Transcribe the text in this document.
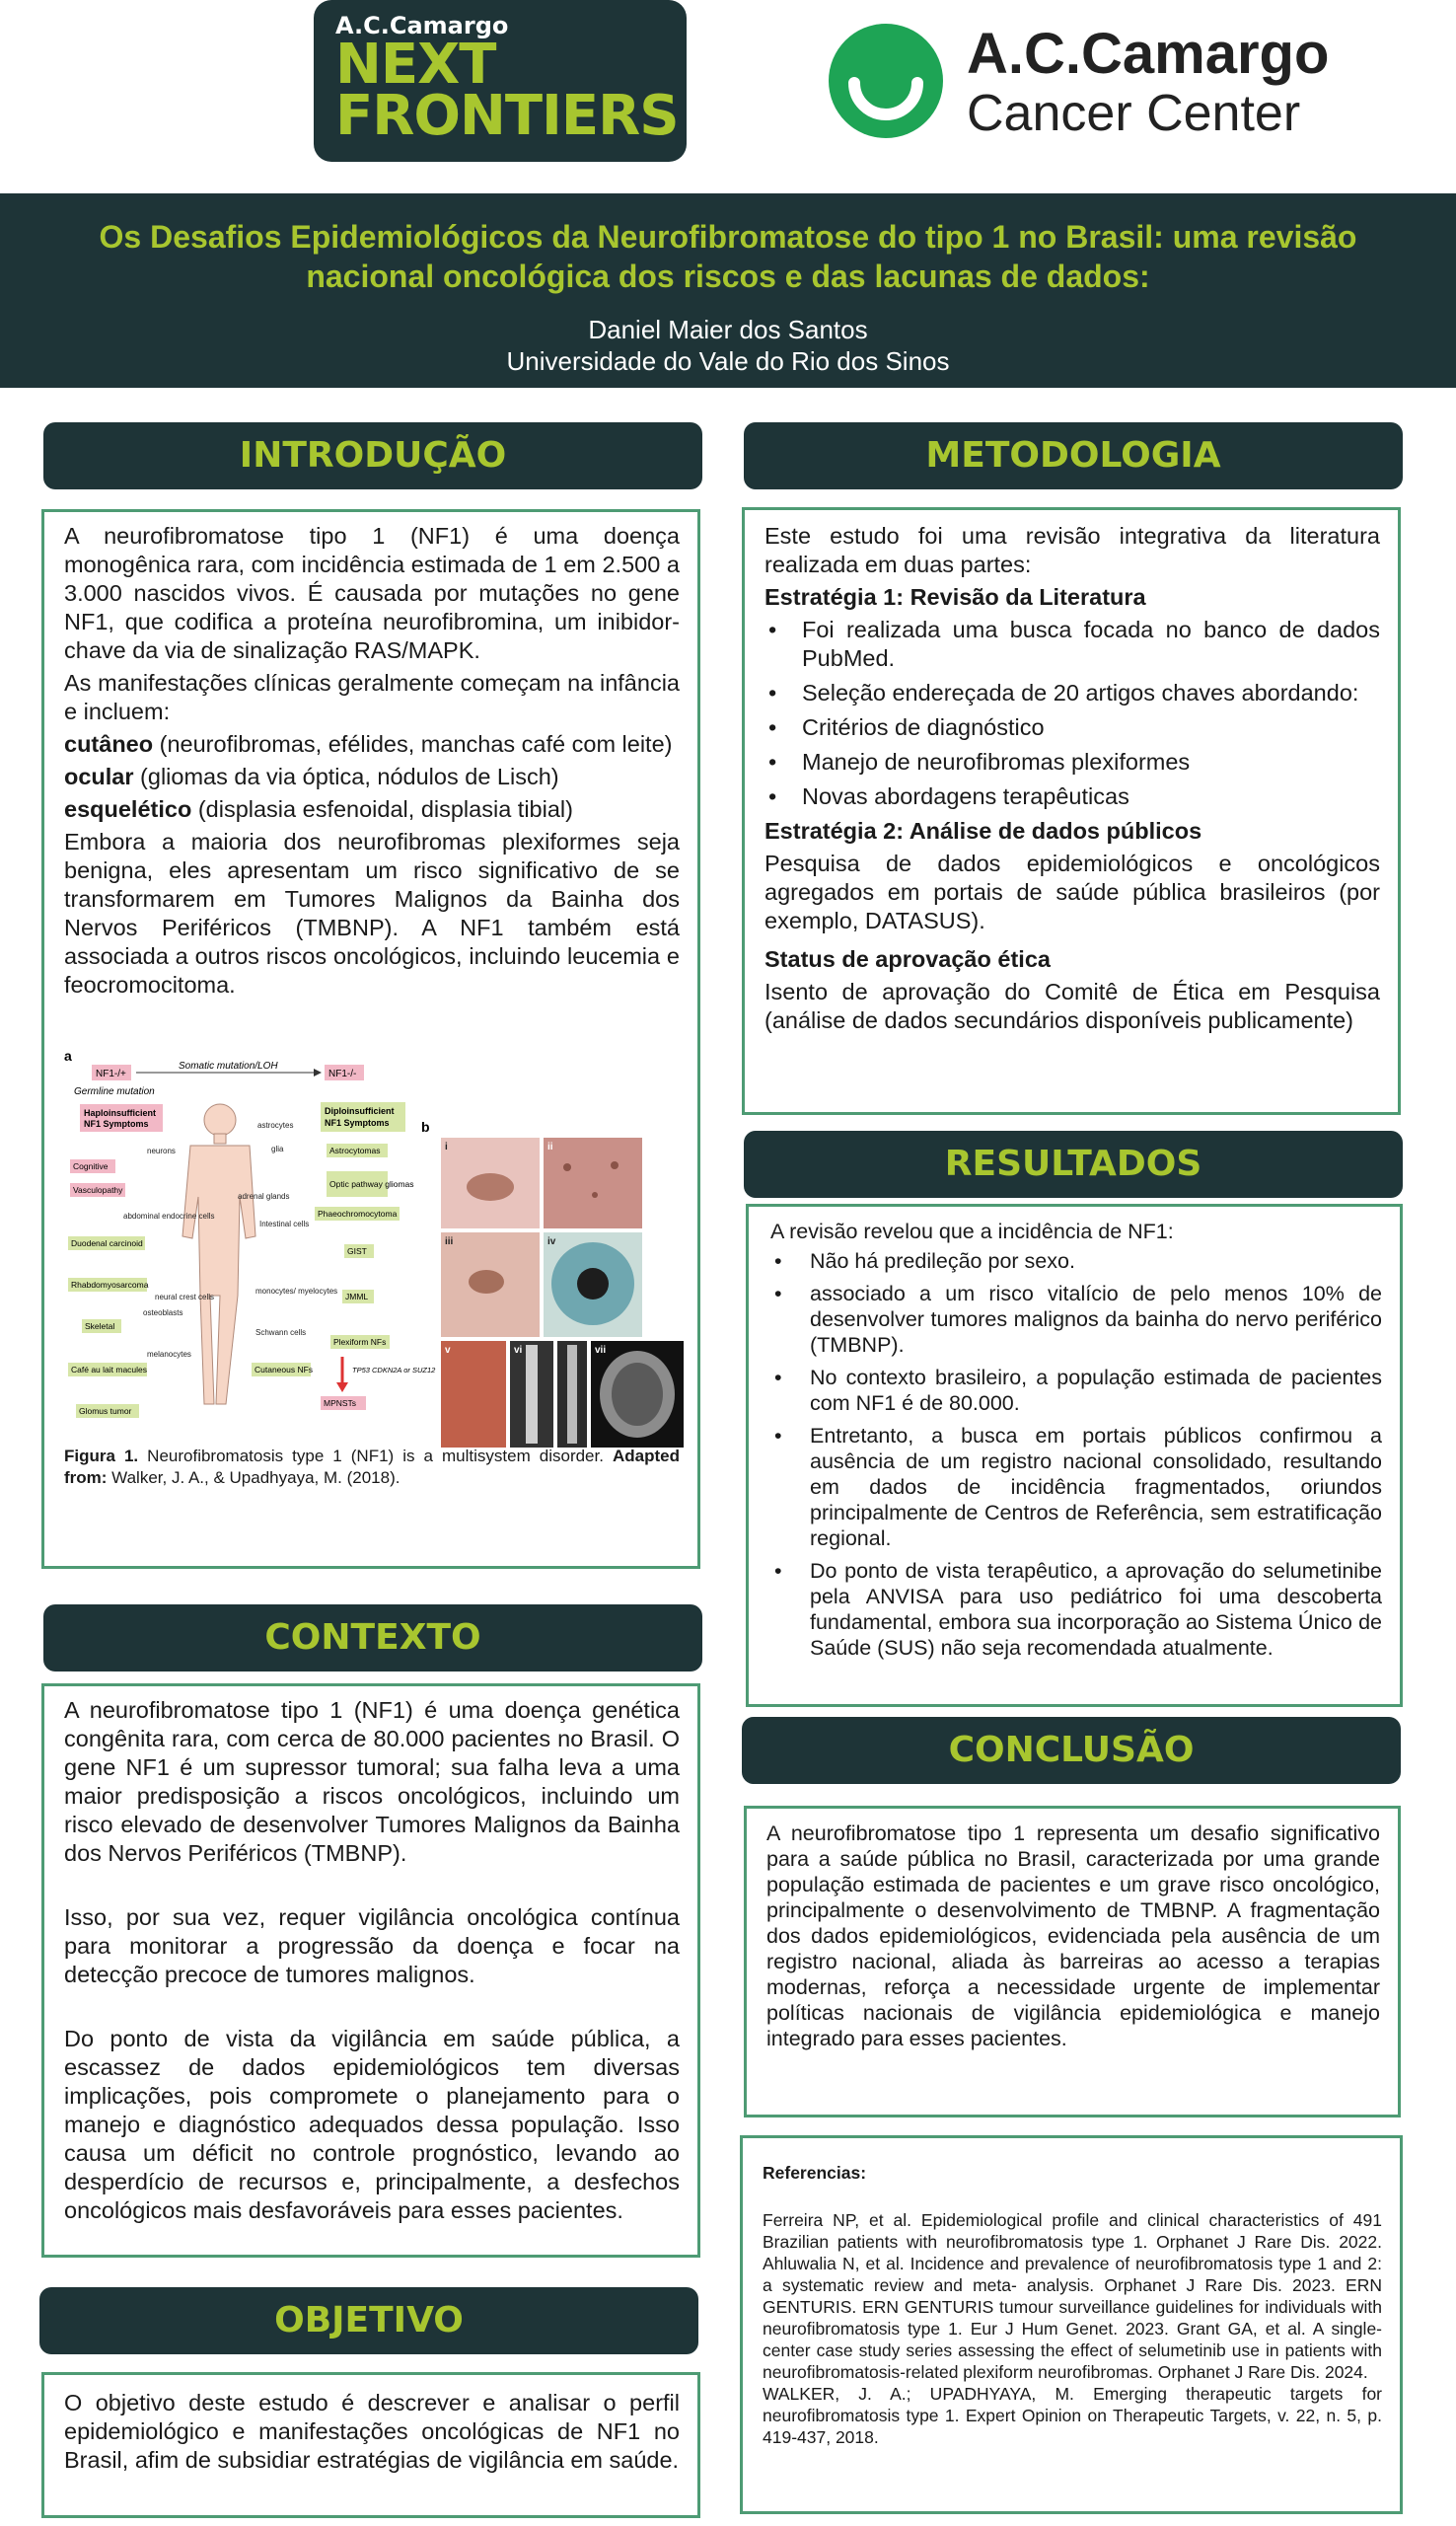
A.C.Camargo
NEXT
FRONTIERS
A.C.Camargo
Cancer Center
Os Desafios Epidemiológicos da Neurofibromatose do tipo 1 no Brasil: uma revisão nacional oncológica dos riscos e das lacunas de dados:
Daniel Maier dos Santos
Universidade do Vale do Rio dos Sinos
INTRODUÇÃO

A neurofibromatose tipo 1 (NF1) é uma doença monogênica rara, com incidência estimada de 1 em 2.500 a 3.000 nascidos vivos. É causada por mutações no gene NF1, que codifica a proteína neurofibromina, um inibidor-chave da via de sinalização RAS/MAPK.

As manifestações clínicas geralmente começam na infância e incluem:

cutâneo (neurofibromas, efélides, manchas café com leite)

ocular (gliomas da via óptica, nódulos de Lisch)

esquelético (displasia esfenoidal, displasia tibial)

Embora a maioria dos neurofibromas plexiformes seja benigna, eles apresentam um risco significativo de se transformarem em Tumores Malignos da Bainha dos Nervos Periféricos (TMBNP). A NF1 também está associada a outros riscos oncológicos, incluindo leucemia e feocromocitoma.

a
NF1-/+
Somatic mutation/LOH
NF1-/-
Germline mutation
Haploinsufficient
NF1 Symptoms
Diploinsufficient
NF1 Symptoms
Cognitive
Vasculopathy
Duodenal carcinoid
Rhabdomyosarcoma
Skeletal
Café au lait macules
Glomus tumor
neurons
astrocytes
glia
adrenal glands
abdominal endocrine cells
Intestinal cells
monocytes/ myelocytes
neural crest cells
osteoblasts
melanocytes
Schwann cells
Astrocytomas
Optic pathway gliomas
Phaeochromocytoma
GIST
JMML
Plexiform NFs
Cutaneous NFs	TP53 CDKN2A or SUZ12
MPNSTs
b
i	ii
iii	iv
v	vi	vii
Figura 1. Neurofibromatosis type 1 (NF1) is a multisystem disorder. Adapted from: Walker, J. A., & Upadhyaya, M. (2018).
CONTEXTO

A neurofibromatose tipo 1 (NF1) é uma doença genética congênita rara, com cerca de 80.000 pacientes no Brasil. O gene NF1 é um supressor tumoral; sua falha leva a uma maior predisposição a riscos oncológicos, incluindo um risco elevado de desenvolver Tumores Malignos da Bainha dos Nervos Periféricos (TMBNP).

Isso, por sua vez, requer vigilância oncológica contínua para monitorar a progressão da doença e focar na detecção precoce de tumores malignos.

Do ponto de vista da vigilância em saúde pública, a escassez de dados epidemiológicos tem diversas implicações, pois compromete o planejamento para o manejo e diagnóstico adequados dessa população. Isso causa um déficit no controle prognóstico, levando ao desperdício de recursos e, principalmente, a desfechos oncológicos mais desfavoráveis para esses pacientes.

OBJETIVO

O objetivo deste estudo é descrever e analisar o perfil epidemiológico e manifestações oncológicas de NF1 no Brasil, afim de subsidiar estratégias de vigilância em saúde.

METODOLOGIA

Este estudo foi uma revisão integrativa da literatura realizada em duas partes:

Estratégia 1: Revisão da Literatura

• Foi realizada uma busca focada no banco de dados PubMed.
• Seleção endereçada de 20 artigos chaves abordando:
• Critérios de diagnóstico
• Manejo de neurofibromas plexiformes
• Novas abordagens terapêuticas

Estratégia 2: Análise de dados públicos

Pesquisa de dados epidemiológicos e oncológicos agregados em portais de saúde pública brasileiros (por exemplo, DATASUS).

Status de aprovação ética

Isento de aprovação do Comitê de Ética em Pesquisa (análise de dados secundários disponíveis publicamente)

RESULTADOS

A revisão revelou que a incidência de NF1:

• Não há predileção por sexo.
• associado a um risco vitalício de pelo menos 10% de desenvolver tumores malignos da bainha do nervo periférico (TMBNP).
• No contexto brasileiro, a população estimada de pacientes com NF1 é de 80.000.
• Entretanto, a busca em portais públicos confirmou a ausência de um registro nacional consolidado, resultando em dados de incidência fragmentados, oriundos principalmente de Centros de Referência, sem estratificação regional.
• Do ponto de vista terapêutico, a aprovação do selumetinibe pela ANVISA para uso pediátrico foi uma descoberta fundamental, embora sua incorporação ao Sistema Único de Saúde (SUS) não seja recomendada atualmente.
CONCLUSÃO

A neurofibromatose tipo 1 representa um desafio significativo para a saúde pública no Brasil, caracterizada por uma grande população estimada de pacientes e um grave risco oncológico, principalmente o desenvolvimento de TMBNP. A fragmentação dos dados epidemiológicos, evidenciada pela ausência de um registro nacional, aliada às barreiras ao acesso a terapias modernas, reforça a necessidade urgente de implementar políticas nacionais de vigilância epidemiológica e manejo integrado para esses pacientes.

Referencias:

Ferreira NP, et al. Epidemiological profile and clinical characteristics of 491 Brazilian patients with neurofibromatosis type 1. Orphanet J Rare Dis. 2022. Ahluwalia N, et al. Incidence and prevalence of neurofibromatosis type 1 and 2: a systematic review and meta- analysis. Orphanet J Rare Dis. 2023. ERN GENTURIS. ERN GENTURIS tumour surveillance guidelines for individuals with neurofibromatosis type 1. Eur J Hum Genet. 2023. Grant GA, et al. A single-center case study series assessing the effect of selumetinib use in patients with neurofibromatosis-related plexiform neurofibromas. Orphanet J Rare Dis. 2024.

WALKER, J. A.; UPADHYAYA, M. Emerging therapeutic targets for neurofibromatosis type 1. Expert Opinion on Therapeutic Targets, v. 22, n. 5, p. 419-437, 2018.
